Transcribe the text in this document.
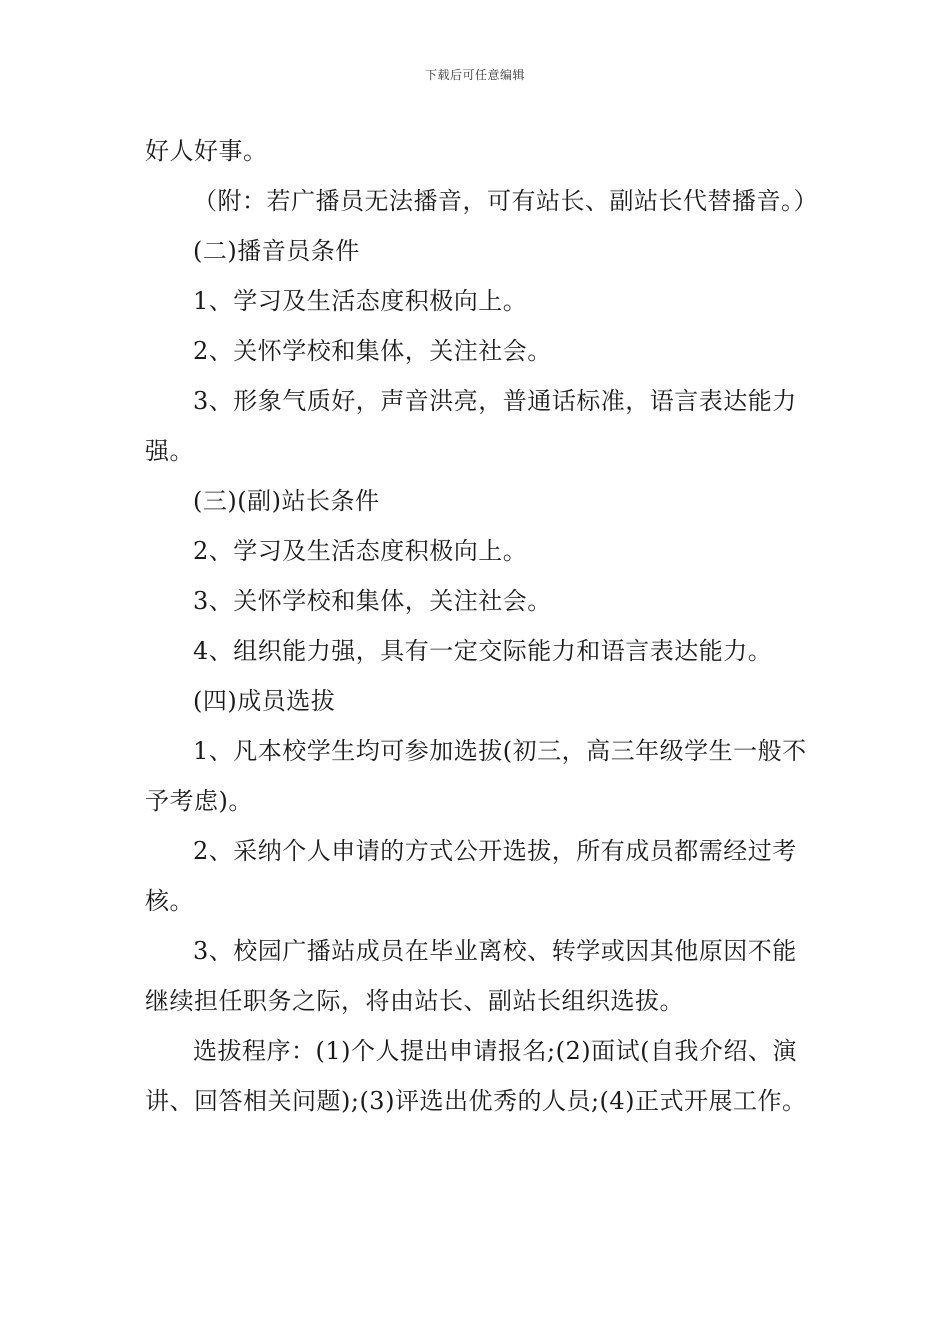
下载后可任意编辑

好人好事。

（附：若广播员无法播音，可有站长、副站长代替播音。）

(二)播音员条件

1、学习及生活态度积极向上。

2、关怀学校和集体，关注社会。

3、形象气质好，声音洪亮，普通话标准，语言表达能力强。

(三)(副)站长条件

2、学习及生活态度积极向上。

3、关怀学校和集体，关注社会。

4、组织能力强，具有一定交际能力和语言表达能力。

(四)成员选拔

1、凡本校学生均可参加选拔(初三，高三年级学生一般不予考虑)。

2、采纳个人申请的方式公开选拔，所有成员都需经过考核。

3、校园广播站成员在毕业离校、转学或因其他原因不能继续担任职务之际，将由站长、副站长组织选拔。

选拔程序：(1)个人提出申请报名;(2)面试(自我介绍、演讲、回答相关问题);(3)评选出优秀的人员;(4)正式开展工作。
